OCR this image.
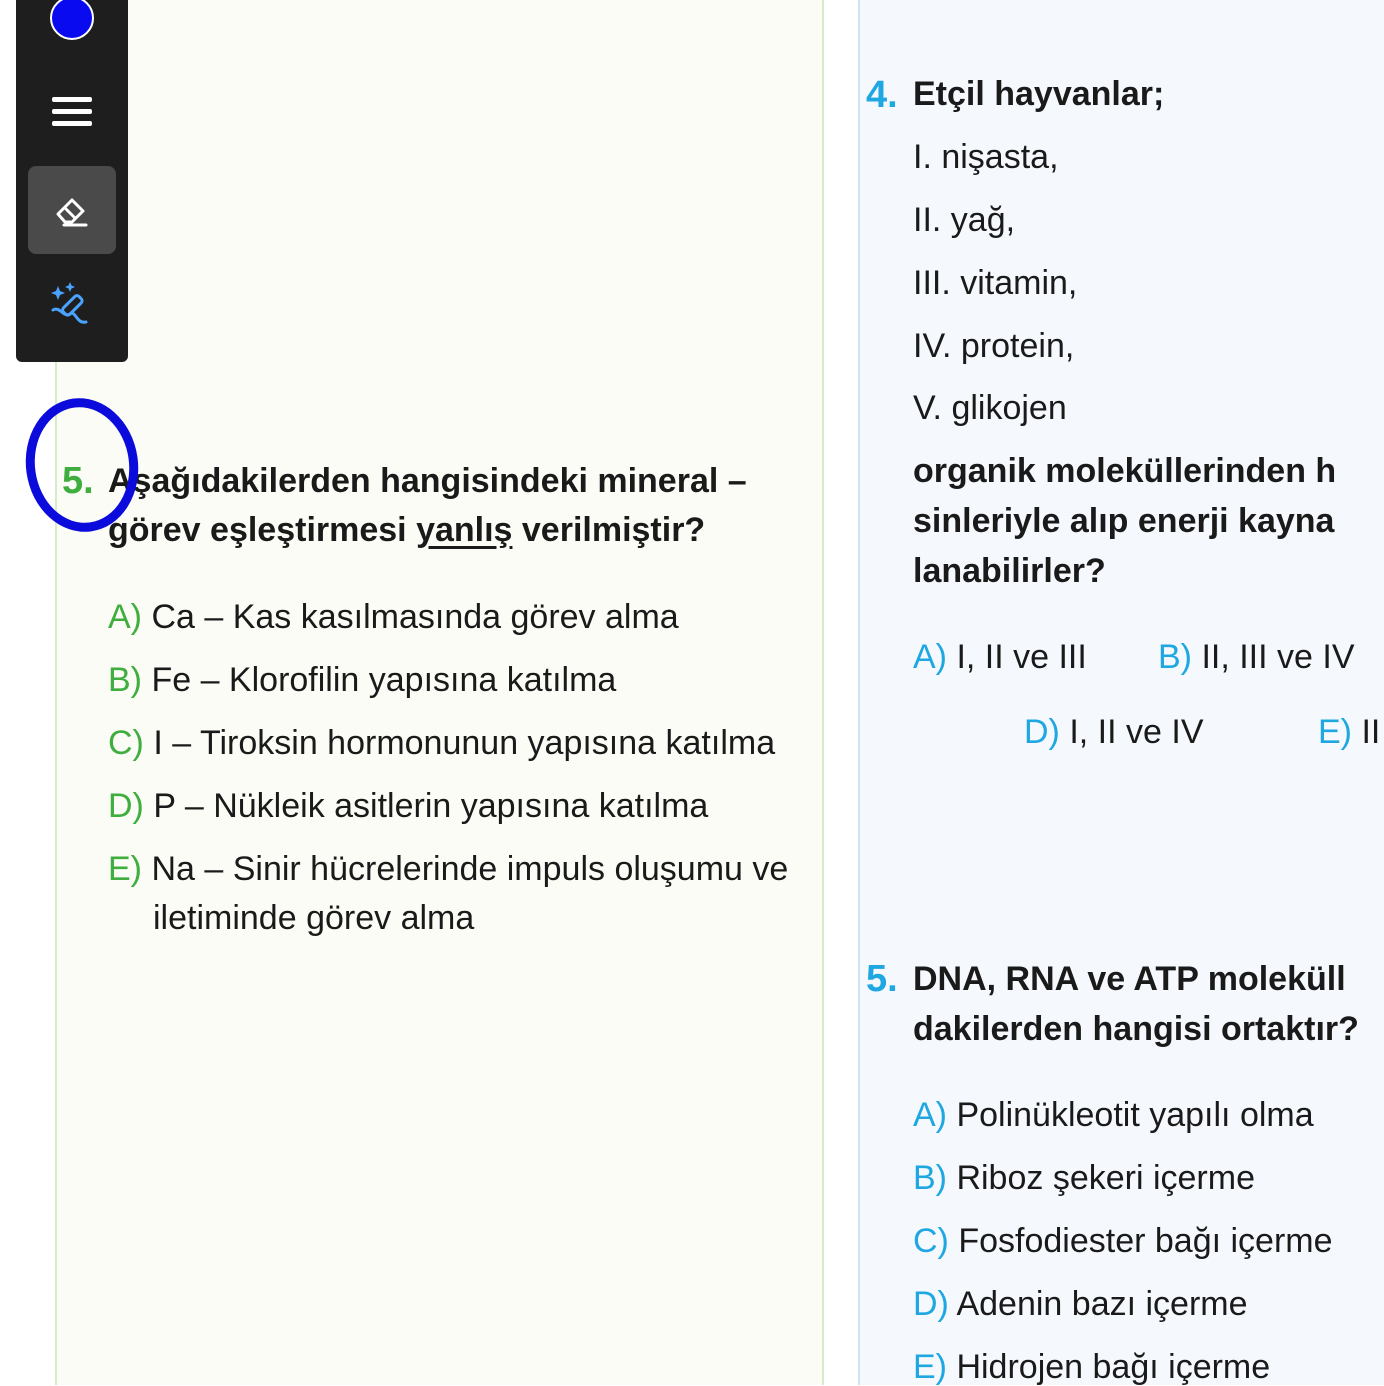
5. Aşağıdakilerden hangisindeki mineral –
görev eşleştirmesi yanlış verilmiştir?
A) Ca – Kas kasılmasında görev alma
B) Fe – Klorofilin yapısına katılma
C) I – Tiroksin hormonunun yapısına katılma
D) P – Nükleik asitlerin yapısına katılma
E) Na – Sinir hücrelerinde impuls oluşumu ve
iletiminde görev alma
4. Etçil hayvanlar;
I. nişasta,
II. yağ,
III. vitamin,
IV. protein,
V. glikojen
organik moleküllerinden h
sinleriyle alıp enerji kayna
lanabilirler?
A) I, II ve III B) II, III ve IV
D) I, II ve IV	E) II
5. DNA, RNA ve ATP moleküll
dakilerden hangisi ortaktır?
A) Polinükleotit yapılı olma
B) Riboz şekeri içerme
C) Fosfodiester bağı içerme
D) Adenin bazı içerme
E) Hidrojen bağı içerme
